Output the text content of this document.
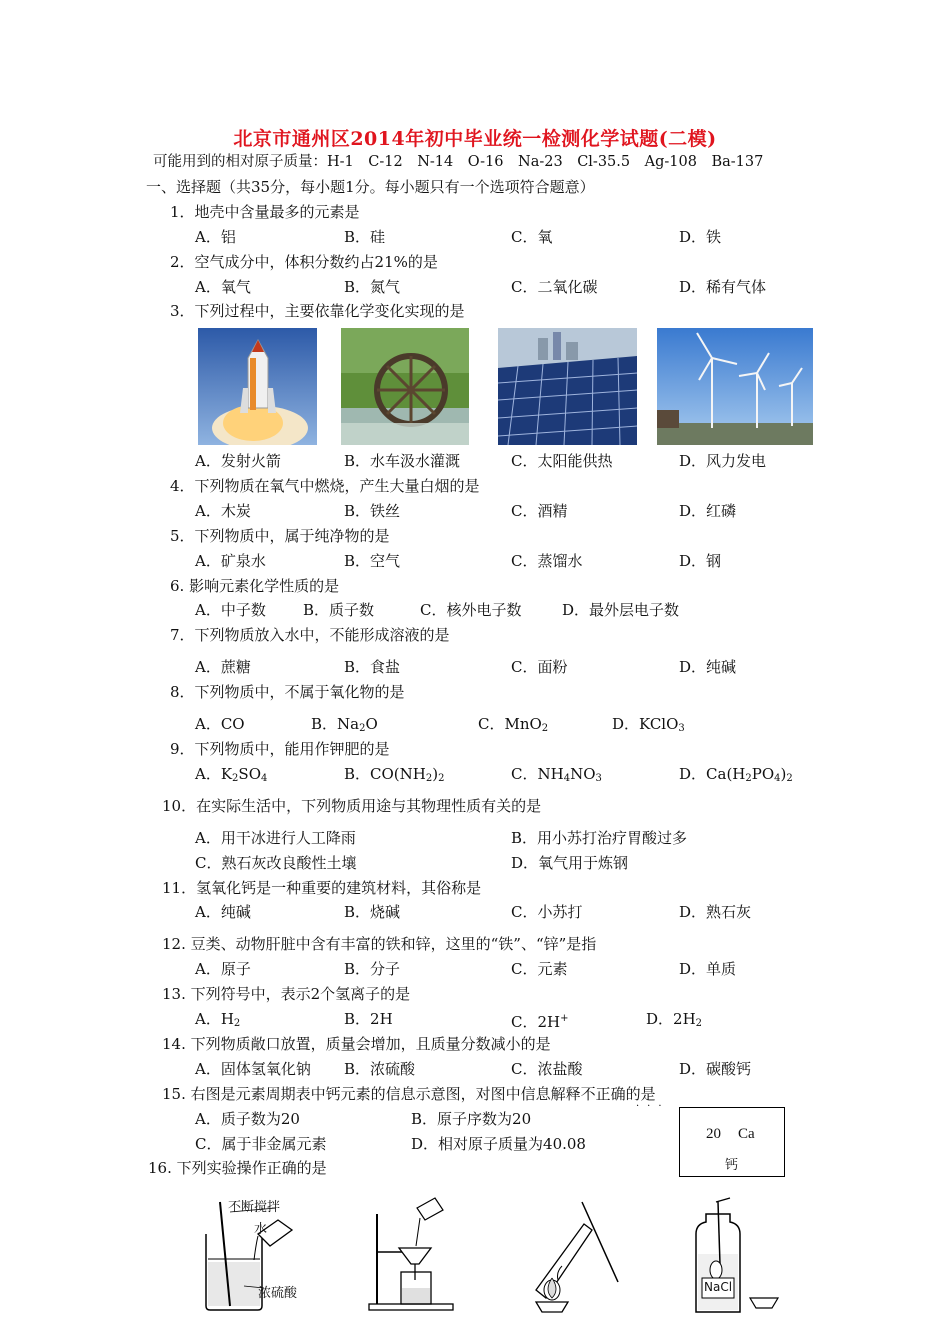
北京市通州区2014年初中毕业统一检测化学试题(二模)
可能用到的相对原子质量：H-1　C-12　N-14　O-16　Na-23　Cl-35.5　Ag-108　Ba-137
一、选择题（共35分，每小题1分。每小题只有一个选项符合题意）
1．地壳中含量最多的元素是
A．铝	B．硅	C．氧	D．铁
2．空气成分中，体积分数约占21%的是
A．氧气	B．氮气	C．二氧化碳	D．稀有气体
3．下列过程中，主要依靠化学变化实现的是
A．发射火箭	B．水车汲水灌溉	C．太阳能供热	D．风力发电
4．下列物质在氧气中燃烧，产生大量白烟的是
A．木炭	B．铁丝	C．酒精	D．红磷
5．下列物质中，属于纯净物的是
A．矿泉水	B．空气	C．蒸馏水	D．钢
6. 影响元素化学性质的是
A．中子数 B．质子数	C．核外电子数	D．最外层电子数
7．下列物质放入水中，不能形成溶液的是
A．蔗糖	B．食盐	C．面粉	D．纯碱
8．下列物质中，不属于氧化物的是
A．CO	B．$Na_2O$	C．MnO$_2$	D．KClO$_3$
9．下列物质中，能用作钾肥的是
A．$K_2SO_4$	B．$CO(NH_2)_2$	C．$NH_4NO_3$	D．$Ca(H_2PO_4)_2$
10．在实际生活中，下列物质用途与其物理性质有关的是
A．用干冰进行人工降雨	B．用小苏打治疗胃酸过多
C．熟石灰改良酸性土壤	D．氧气用于炼钢
11．氢氧化钙是一种重要的建筑材料，其俗称是
A．纯碱	B．烧碱	C．小苏打	D．熟石灰
12. 豆类、动物肝脏中含有丰富的铁和锌，这里的“铁”、“锌”是指
A．原子	B．分子	C．元素	D．单质
13. 下列符号中，表示2个氢离子的是
A．$H_2$	B．2H	C．2H+	D．$2H_2$
14. 下列物质敞口放置，质量会增加，且质量分数减小的是
A．固体氢氧化钠 B．浓硫酸	C．浓盐酸	D．碳酸钙
15. 右图是元素周期表中钙元素的信息示意图，对图中信息解释不正确的是
···
A．质子数为20	B．原子序数为20
C．属于非金属元素	D．相对原子质量为40.08
20 Ca
钙
16. 下列实验操作正确的是
不断搅拌
水
浓硫酸	NaCl
